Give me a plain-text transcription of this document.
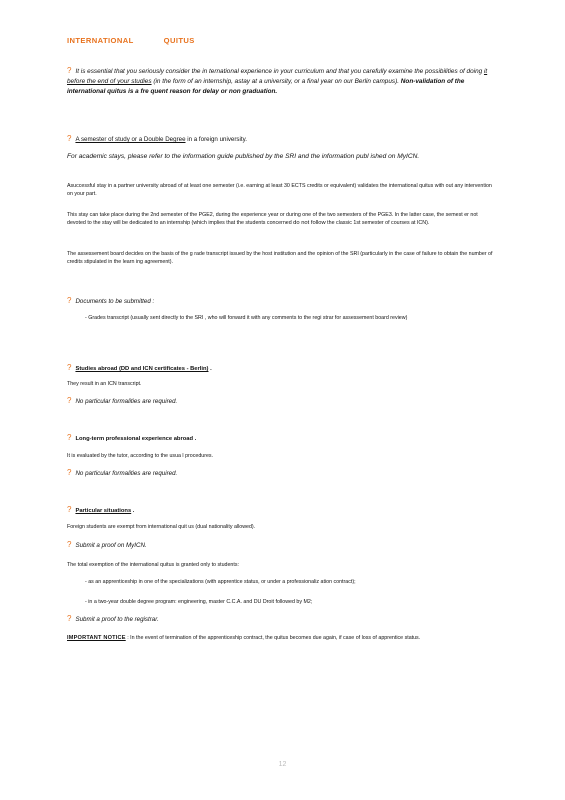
INTERNATIONAL	QUITUS
? It is essential that you seriously consider the in ternational experience in your curriculum and that you carefully examine the possibilities of doing it before the end of your studies (in the form of an internship, astay at a university, or a final year on our Berlin campus). Non-validation of the international quitus is a fre quent reason for delay or non graduation.
? A semester of study or a Double Degree in a foreign university.
For academic stays, please refer to the information guide published by the SRI and the information publ ished on MyICN.
Asuccessful stay in a partner university abroad of at least one semester (i.e. earning at least 30 ECTS credits or equivalent) validates the international quitus with out any intervention on your part.
This stay can take place during the 2nd semester of the PGE2, during the experience year or during one of the two semesters of the PGE3. In the latter case, the semest er not devoted to the stay will be dedicated to an internship (which implies that the students concerned do not follow the classic 1st semester of courses at ICN).
The assessement board decides on the basis of the g rade transcript issued by the host institution and the opinion of the SRI (particularly in the case of failure to obtain the number of credits stipulated in the learn ing agreement).
? Documents to be submitted :
- Grades transcript (usually sent directly to the SRI , who will forward it with any comments to the regi strar for assessement board review)
? Studies abroad (DD and ICN certificates - Berlin) .
They result in an ICN transcript.
? No particular formalities are required.
? Long-term professional experience abroad .
It is evaluated by the tutor, according to the usua l procedures.
? No particular formalities are required.
? Particular situations .
Foreign students are exempt from international quit us (dual nationality allowed).
? Submit a proof on MyICN.
The total exemption of the international quitus is granted only to students:
- as an apprenticeship in one of the specializations (with apprentice status, or under a professionaliz ation contract);
- in a two-year double degree program: engineering, master C.C.A. and DU Droit followed by M2;
? Submit a proof to the registrar.
IMPORTANT NOTICE : In the event of termination of the apprenticeship contract, the quitus becomes due again, if case of loss of apprentice status.
12
